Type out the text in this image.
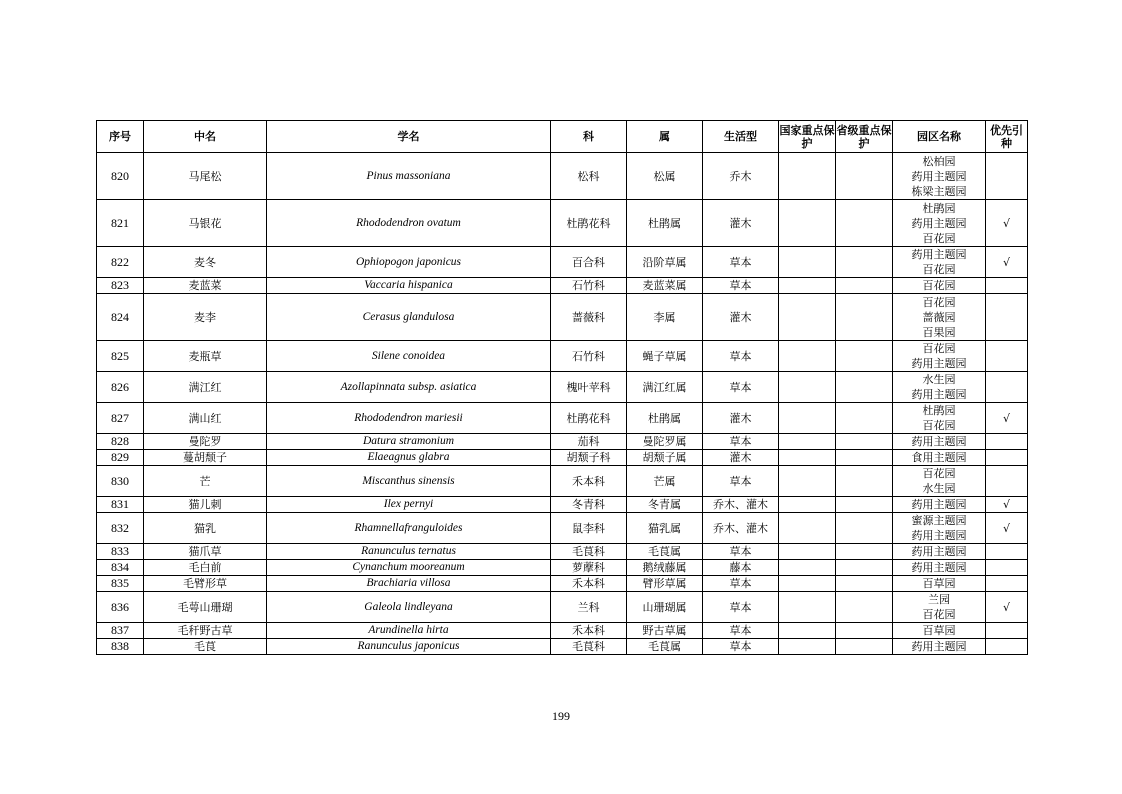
序号	中名	学名	科	属	生活型	国家重点保护	省级重点保护	园区名称	优先引种
820	马尾松	Pinus massoniana	松科	松属	乔木			松柏园
药用主题园
栋梁主题园	

821	马银花	Rhododendron ovatum	杜鹃花科	杜鹃属	灌木			杜鹃园
药用主题园
百花园	√
822	麦冬	Ophiopogon japonicus	百合科	沿阶草属	草本			药用主题园
百花园	√
823	麦蓝菜	Vaccaria hispanica	石竹科	麦蓝菜属	草本			百花园	

824	麦李	Cerasus glandulosa	蔷薇科	李属	灌木			百花园
蔷薇园
百果园	

825	麦瓶草	Silene conoidea	石竹科	蝇子草属	草本			百花园
药用主题园	

826	满江红	Azollapinnata subsp. asiatica	槐叶苹科	满江红属	草本			水生园
药用主题园	

827	满山红	Rhododendron mariesii	杜鹃花科	杜鹃属	灌木			杜鹃园
百花园	√
828	曼陀罗	Datura stramonium	茄科	曼陀罗属	草本			药用主题园	

829	蔓胡颓子	Elaeagnus glabra	胡颓子科	胡颓子属	灌木			食用主题园	

830	芒	Miscanthus sinensis	禾本科	芒属	草本			百花园
水生园	

831	猫儿刺	Ilex pernyi	冬青科	冬青属	乔木、灌木			药用主题园	√
832	猫乳	Rhamnellafranguloides	鼠李科	猫乳属	乔木、灌木			蜜源主题园
药用主题园	√
833	猫爪草	Ranunculus ternatus	毛茛科	毛茛属	草本			药用主题园	

834	毛白前	Cynanchum mooreanum	萝藦科	鹅绒藤属	藤本			药用主题园	

835	毛臂形草	Brachiaria villosa	禾本科	臂形草属	草本			百草园	

836	毛萼山珊瑚	Galeola lindleyana	兰科	山珊瑚属	草本			兰园
百花园	√
837	毛秆野古草	Arundinella hirta	禾本科	野古草属	草本			百草园	

838	毛茛	Ranunculus japonicus	毛茛科	毛茛属	草本			药用主题园	

199
